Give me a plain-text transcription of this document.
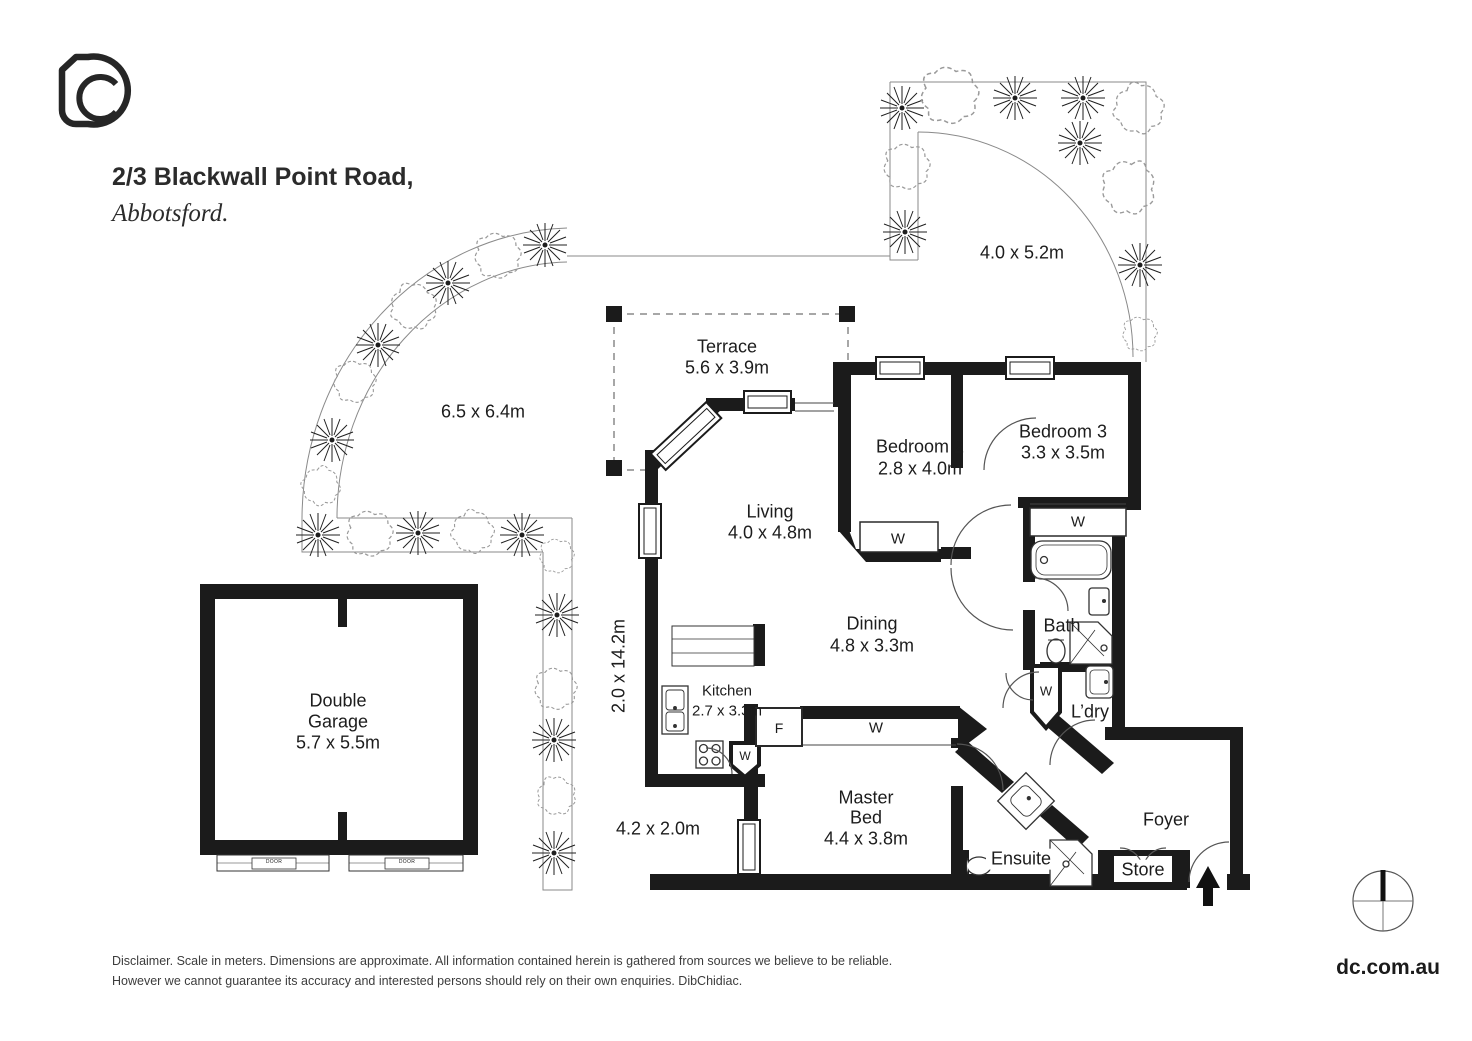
2/3 Blackwall Point Road,
Abbotsford.
Terrace
5.6 x 3.9m
Living
4.0 x 4.8m
Bedroom 2
2.8 x 4.0m
Bedroom 3
3.3 x 3.5m
Dining
4.8 x 3.3m
Kitchen
2.7 x 3.3m
Master
Bed
4.4 x 3.8m
Double
Garage
5.7 x 5.5m
Bath
L’dry
Ensuite
Foyer
Store
4.0 x 5.2m
6.5 x 6.4m
2.0 x 14.2m
4.2 x 2.0m
W
W
W
W
W
F
DOOR	DOOR
Disclaimer. Scale in meters. Dimensions are approximate. All information contained herein is gathered from sources we believe to be reliable.
However we cannot guarantee its accuracy and interested persons should rely on their own enquiries. DibChidiac.
dc.com.au
